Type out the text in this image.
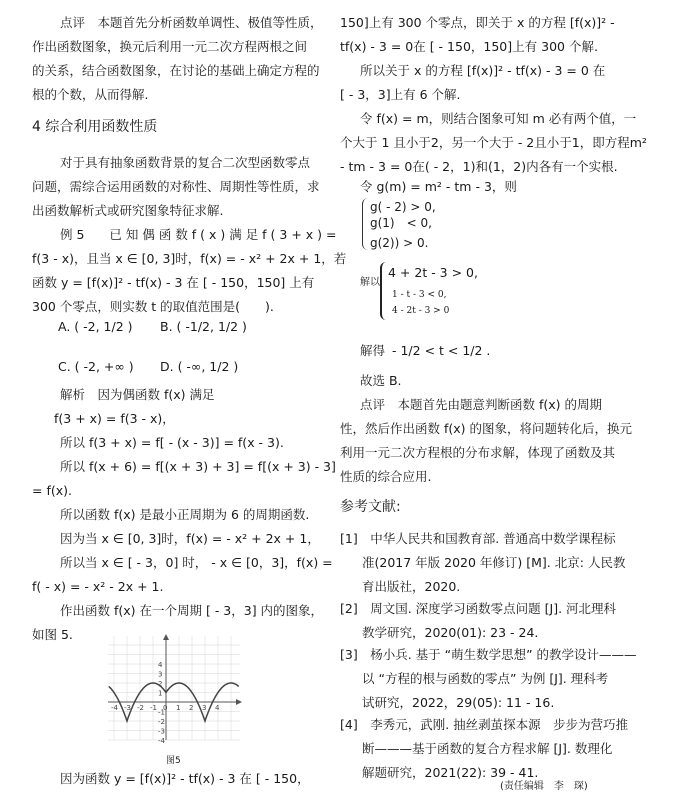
点评　本题首先分析函数单调性、极值等性质，
作出函数图象，换元后利用一元二次方程两根之间
的关系，结合函数图象，在讨论的基础上确定方程的
根的个数，从而得解.
4 综合利用函数性质
对于具有抽象函数背景的复合二次型函数零点
问题，需综合运用函数的对称性、周期性等性质，求
出函数解析式或研究图象特征求解.
例 5　　已 知 偶 函 数 f ( x ) 满 足 f ( 3 + x ) =
f(3 - x)，且当 x ∈ [0, 3]时，f(x) = - x² + 2x + 1，若
函数 y = [f(x)]² - tf(x) - 3 在 [ - 150，150] 上有
300 个零点，则实数 t 的取值范围是(　　).
A. ( -2, 1/2 ) B. ( -1/2, 1/2 )
C. ( -2, +∞ ) D. ( -∞, 1/2 )
解析　因为偶函数 f(x) 满足
f(3 + x) = f(3 - x)，
所以 f(3 + x) = f[ - (x - 3)] = f(x - 3).
所以 f(x + 6) = f[(x + 3) + 3] = f[(x + 3) - 3]
= f(x).
所以函数 f(x) 是最小正周期为 6 的周期函数.
因为当 x ∈ [0, 3]时，f(x) = - x² + 2x + 1，
所以当 x ∈ [ - 3，0] 时， - x ∈ [0，3]，f(x) =
f( - x) = - x² - 2x + 1.
作出函数 f(x) 在一个周期 [ - 3，3] 内的图象，
如图 5.
-4 -3 -2 -1 0 1 2 3 4
4
3
2
1
-1
-2
-3
-4
图5
因为函数 y = [f(x)]² - tf(x) - 3 在 [ - 150，
150]上有 300 个零点，即关于 x 的方程 [f(x)]² -
tf(x) - 3 = 0在 [ - 150，150]上有 300 个解.
所以关于 x 的方程 [f(x)]² - tf(x) - 3 = 0 在
[ - 3，3]上有 6 个解.
令 f(x) = m，则结合图象可知 m 必有两个值，一
个大于 1 且小于2，另一个大于 - 2且小于1，即方程m²
- tm - 3 = 0在( - 2，1)和(1，2)内各有一个实根.
令 g(m) = m² - tm - 3，则
g( - 2) > 0,
g(1)　< 0,
g(2)) > 0.
解以
4 + 2t - 3 > 0,
1 - t - 3 < 0,
4 - 2t - 3 > 0
解得 - 1/2 < t < 1/2 .
故选 B.
点评　本题首先由题意判断函数 f(x) 的周期
性，然后作出函数 f(x) 的图象，将问题转化后，换元
利用一元二次方程根的分布求解，体现了函数及其
性质的综合应用.
参考文献:
[1]　中华人民共和国教育部. 普通高中数学课程标
准(2017 年版 2020 年修订) [M]. 北京: 人民教
育出版社，2020.
[2]　周文国. 深度学习函数零点问题 [J]. 河北理科
教学研究，2020(01): 23 - 24.
[3]　杨小兵. 基于 “萌生数学思想” 的教学设计———
以 “方程的根与函数的零点” 为例 [J]. 理科考
试研究，2022，29(05): 11 - 16.
[4]　李秀元，武刚. 抽丝剥茧探本源　步步为营巧推
断———基于函数的复合方程求解 [J]. 数理化
解题研究，2021(22): 39 - 41.
(责任编辑　李　琛)
